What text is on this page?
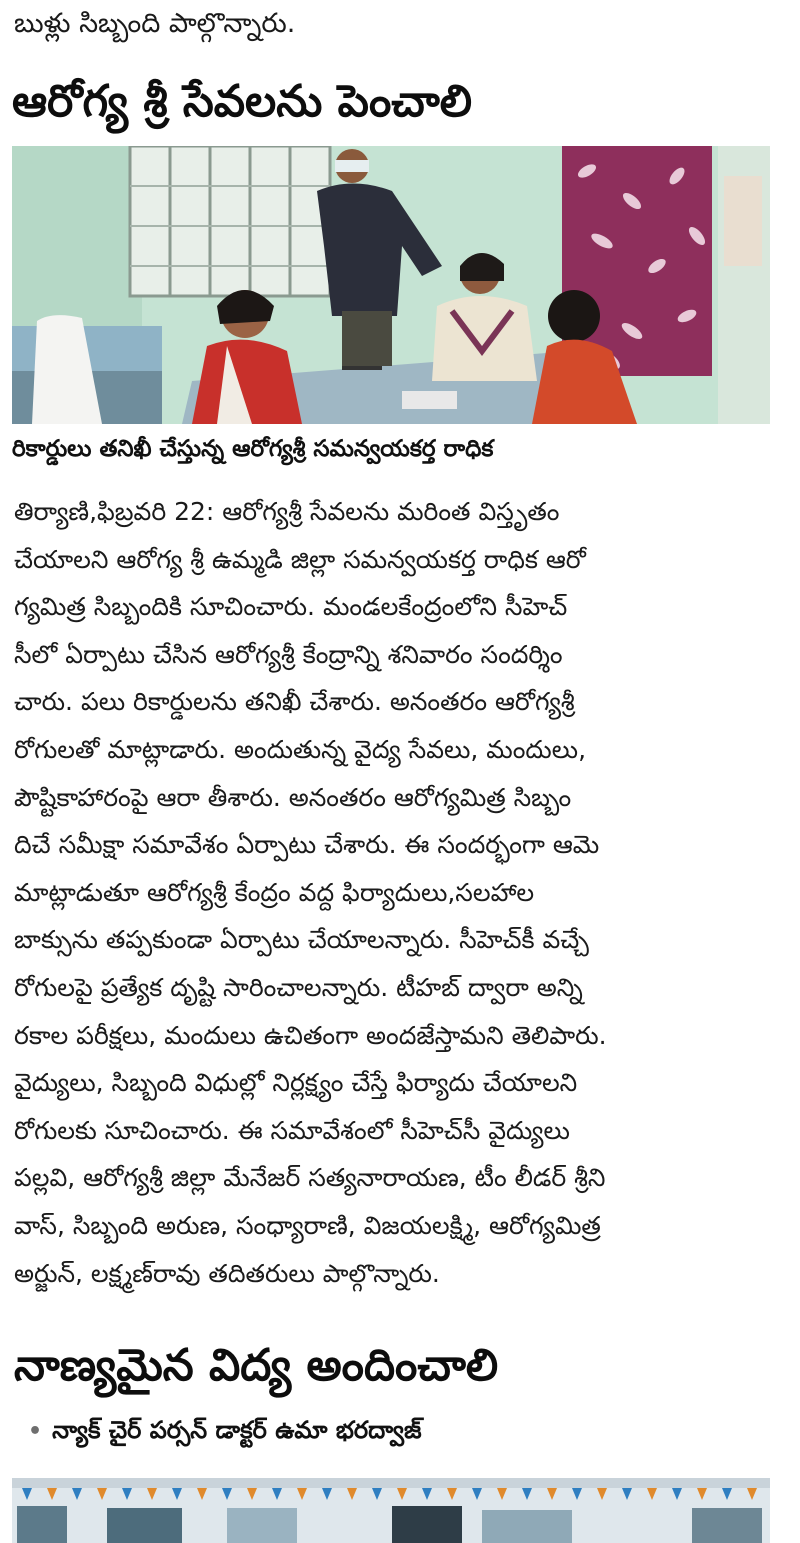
బుళ్లు సిబ్బంది పాల్గొన్నారు.
ఆరోగ్య శ్రీ సేవలను పెంచాలి
రికార్డులు తనిఖీ చేస్తున్న ఆరోగ్యశ్రీ సమన్వయకర్త రాధిక
తిర్యాణి,ఫిబ్రవరి 22: ఆరోగ్యశ్రీ సేవలను మరింత విస్తృతం
చేయాలని ఆరోగ్య శ్రీ ఉమ్మడి జిల్లా సమన్వయకర్త రాధిక ఆరో
గ్యమిత్ర సిబ్బందికి సూచించారు. మండలకేంద్రంలోని సీహెచ్
సీలో ఏర్పాటు చేసిన ఆరోగ్యశ్రీ కేంద్రాన్ని శనివారం సందర్శిం
చారు. పలు రికార్డులను తనిఖీ చేశారు. అనంతరం ఆరోగ్యశ్రీ
రోగులతో మాట్లాడారు. అందుతున్న వైద్య సేవలు, మందులు,
పౌష్టికాహారంపై ఆరా తీశారు. అనంతరం ఆరోగ్యమిత్ర సిబ్బం
దిచే సమీక్షా సమావేశం ఏర్పాటు చేశారు. ఈ సందర్భంగా ఆమె
మాట్లాడుతూ ఆరోగ్యశ్రీ కేంద్రం వద్ద ఫిర్యాదులు,సలహాల
బాక్సును తప్పకుండా ఏర్పాటు చేయాలన్నారు. సీహెచ్‌కీ వచ్చే
రోగులపై ప్రత్యేక దృష్టి సారించాలన్నారు. టీహబ్ ద్వారా అన్ని
రకాల పరీక్షలు, మందులు ఉచితంగా అందజేస్తామని తెలిపారు.
వైద్యులు, సిబ్బంది విధుల్లో నిర్లక్ష్యం చేస్తే ఫిర్యాదు చేయాలని
రోగులకు సూచించారు. ఈ సమావేశంలో సీహెచ్‌సీ వైద్యులు
పల్లవి, ఆరోగ్యశ్రీ జిల్లా మేనేజర్ సత్యనారాయణ, టీం లీడర్ శ్రీని
వాస్, సిబ్బంది అరుణ, సంధ్యారాణి, విజయలక్ష్మి, ఆరోగ్యమిత్ర
అర్జున్, లక్ష్మణ్‌రావు తదితరులు పాల్గొన్నారు.
నాణ్యమైన విద్య అందించాలి
• న్యాక్ చైర్ పర్సన్ డాక్టర్ ఉమా భరద్వాజ్
